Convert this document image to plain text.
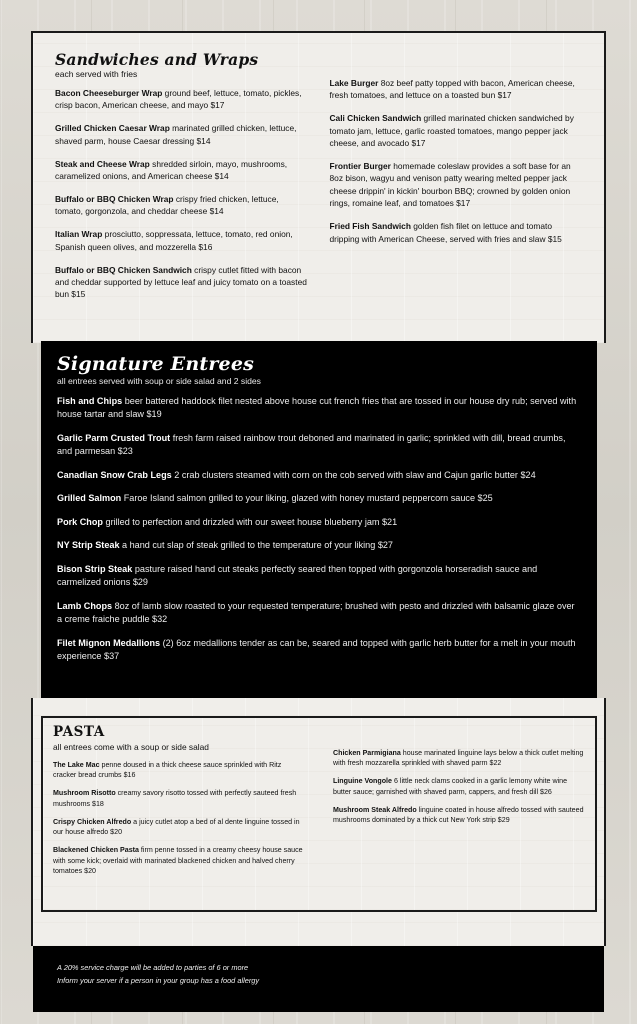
Sandwiches and Wraps
each served with fries

Bacon Cheeseburger Wrap ground beef, lettuce, tomato, pickles, crisp bacon, American cheese, and mayo $17

Grilled Chicken Caesar Wrap marinated grilled chicken, lettuce, shaved parm, house Caesar dressing $14

Steak and Cheese Wrap shredded sirloin, mayo, mushrooms, caramelized onions, and American cheese $14

Buffalo or BBQ Chicken Wrap crispy fried chicken, lettuce, tomato, gorgonzola, and cheddar cheese $14

Italian Wrap prosciutto, soppressata, lettuce, tomato, red onion, Spanish queen olives, and mozzerella $16

Buffalo or BBQ Chicken Sandwich crispy cutlet fitted with bacon and cheddar supported by lettuce leaf and juicy tomato on a toasted bun $15

Lake Burger 8oz beef patty topped with bacon, American cheese, fresh tomatoes, and lettuce on a toasted bun $17

Cali Chicken Sandwich grilled marinated chicken sandwiched by tomato jam, lettuce, garlic roasted tomatoes, mango pepper jack cheese, and avocado $17

Frontier Burger homemade coleslaw provides a soft base for an 8oz bison, wagyu and venison patty wearing melted pepper jack cheese drippin' in kickin' bourbon BBQ; crowned by golden onion rings, romaine leaf, and tomatoes $17

Fried Fish Sandwich golden fish filet on lettuce and tomato dripping with American Cheese, served with fries and slaw $15

Signature Entrees
all entrees served with soup or side salad and 2 sides

Fish and Chips beer battered haddock filet nested above house cut french fries that are tossed in our house dry rub; served with house tartar and slaw $19

Garlic Parm Crusted Trout fresh farm raised rainbow trout deboned and marinated in garlic; sprinkled with dill, bread crumbs, and parmesan $23

Canadian Snow Crab Legs 2 crab clusters steamed with corn on the cob served with slaw and Cajun garlic butter $24

Grilled Salmon Faroe Island salmon grilled to your liking, glazed with honey mustard peppercorn sauce $25

Pork Chop grilled to perfection and drizzled with our sweet house blueberry jam $21

NY Strip Steak a hand cut slap of steak grilled to the temperature of your liking $27

Bison Strip Steak pasture raised hand cut steaks perfectly seared then topped with gorgonzola horseradish sauce and carmelized onions $29

Lamb Chops 8oz of lamb slow roasted to your requested temperature; brushed with pesto and drizzled with balsamic glaze over a creme fraiche puddle $32

Filet Mignon Medallions (2) 6oz medallions tender as can be, seared and topped with garlic herb butter for a melt in your mouth experience $37

PASTA
all entrees come with a soup or side salad

The Lake Mac penne doused in a thick cheese sauce sprinkled with Ritz cracker bread crumbs $16

Mushroom Risotto creamy savory risotto tossed with perfectly sauteed fresh mushrooms $18

Crispy Chicken Alfredo a juicy cutlet atop a bed of al dente linguine tossed in our house alfredo $20

Blackened Chicken Pasta firm penne tossed in a creamy cheesy house sauce with some kick; overlaid with marinated blackened chicken and halved cherry tomatoes $20

Chicken Parmigiana house marinated linguine lays below a thick cutlet melting with fresh mozzarella sprinkled with shaved parm $22

Linguine Vongole 6 little neck clams cooked in a garlic lemony white wine butter sauce; garnished with shaved parm, cappers, and fresh dill $26

Mushroom Steak Alfredo linguine coated in house alfredo tossed with sauteed mushrooms dominated by a thick cut New York strip $29

A 20% service charge will be added to parties of 6 or more
Inform your server if a person in your group has a food allergy
